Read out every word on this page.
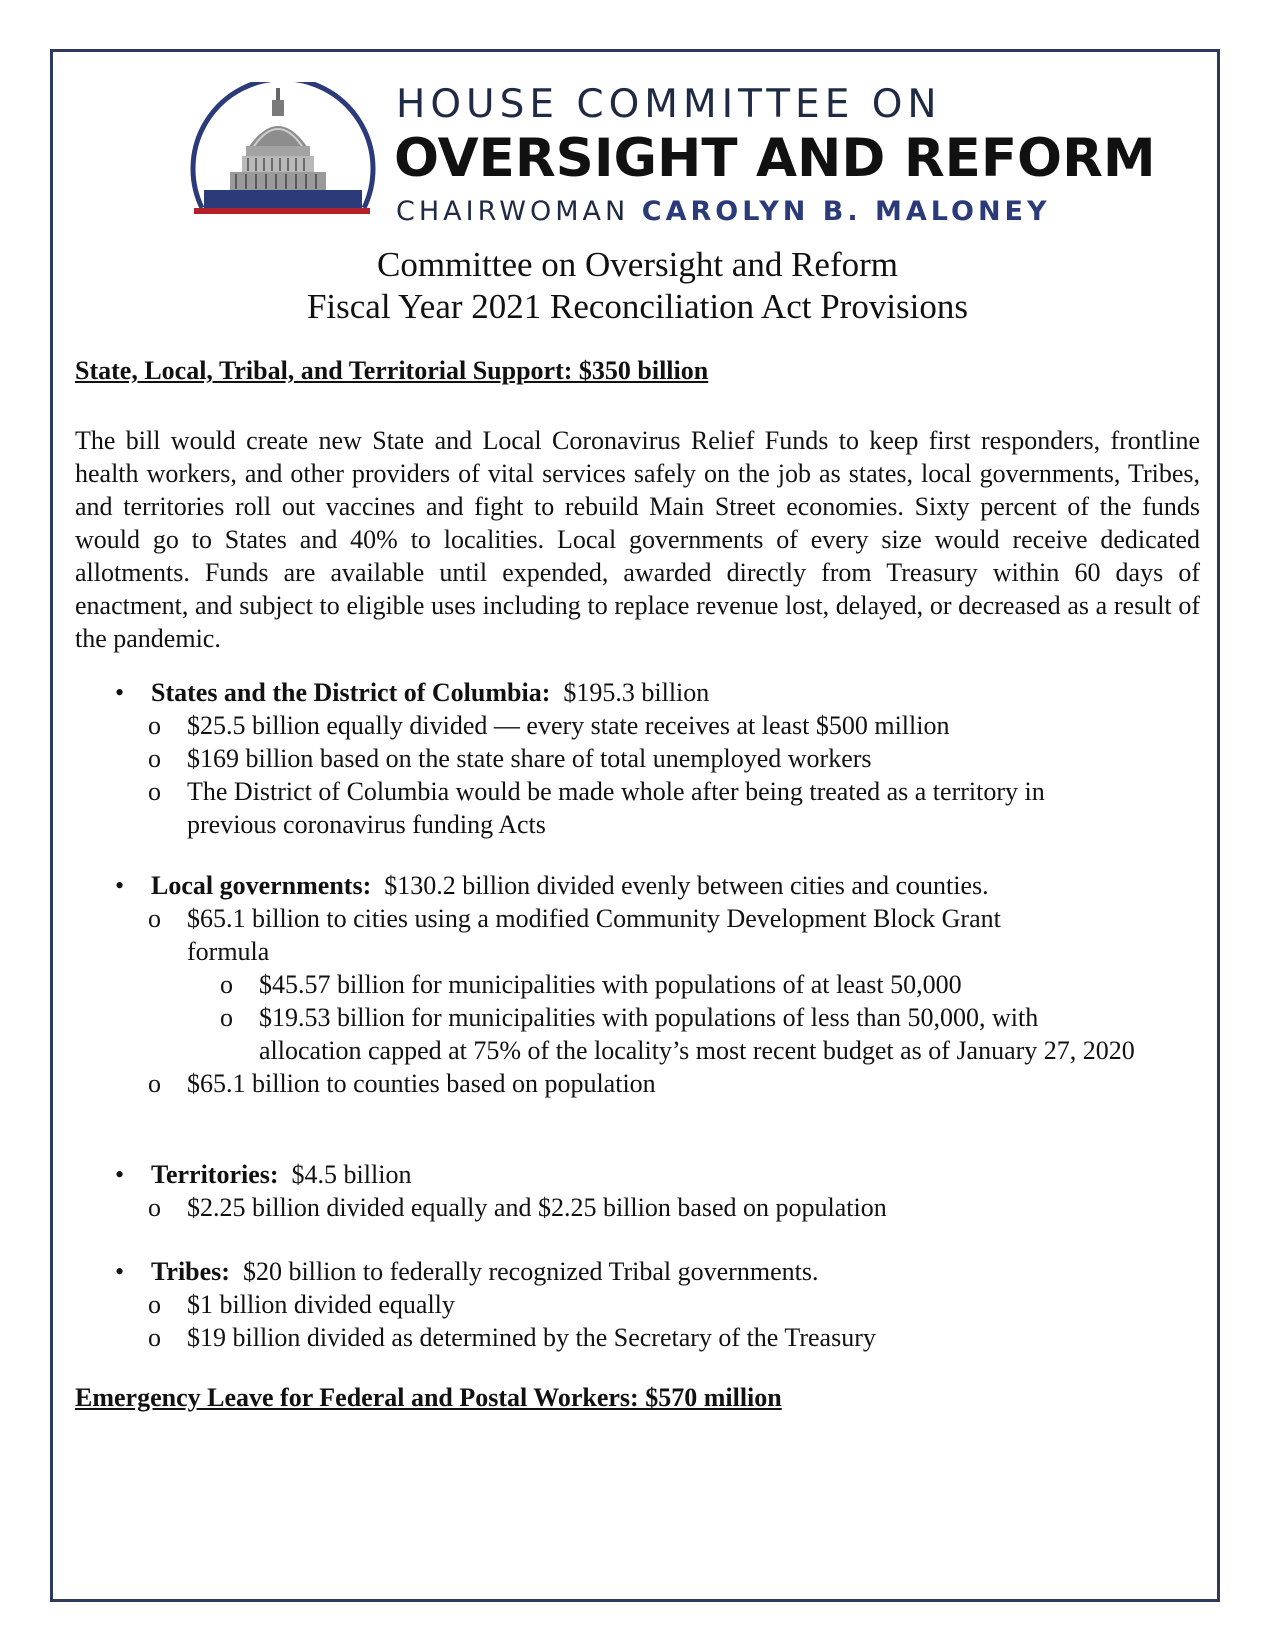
HOUSE COMMITTEE ON
OVERSIGHT AND REFORM
CHAIRWOMAN CAROLYN B. MALONEY
Committee on Oversight and Reform
Fiscal Year 2021 Reconciliation Act Provisions
State, Local, Tribal, and Territorial Support: $350 billion
The bill would create new State and Local Coronavirus Relief Funds to keep first responders, frontline health workers, and other providers of vital services safely on the job as states, local governments, Tribes, and territories roll out vaccines and fight to rebuild Main Street economies. Sixty percent of the funds would go to States and 40% to localities. Local governments of every size would receive dedicated allotments. Funds are available until expended, awarded directly from Treasury within 60 days of enactment, and subject to eligible uses including to replace revenue lost, delayed, or decreased as a result of the pandemic.
• States and the District of Columbia: $195.3 billion
o $25.5 billion equally divided — every state receives at least $500 million
o $169 billion based on the state share of total unemployed workers
o The District of Columbia would be made whole after being treated as a territory in previous coronavirus funding Acts
• Local governments: $130.2 billion divided evenly between cities and counties.
o $65.1 billion to cities using a modified Community Development Block Grant formula
o $45.57 billion for municipalities with populations of at least 50,000
o $19.53 billion for municipalities with populations of less than 50,000, with allocation capped at 75% of the locality’s most recent budget as of January 27, 2020
o $65.1 billion to counties based on population
• Territories: $4.5 billion
o $2.25 billion divided equally and $2.25 billion based on population
• Tribes: $20 billion to federally recognized Tribal governments.
o $1 billion divided equally
o $19 billion divided as determined by the Secretary of the Treasury
Emergency Leave for Federal and Postal Workers: $570 million
